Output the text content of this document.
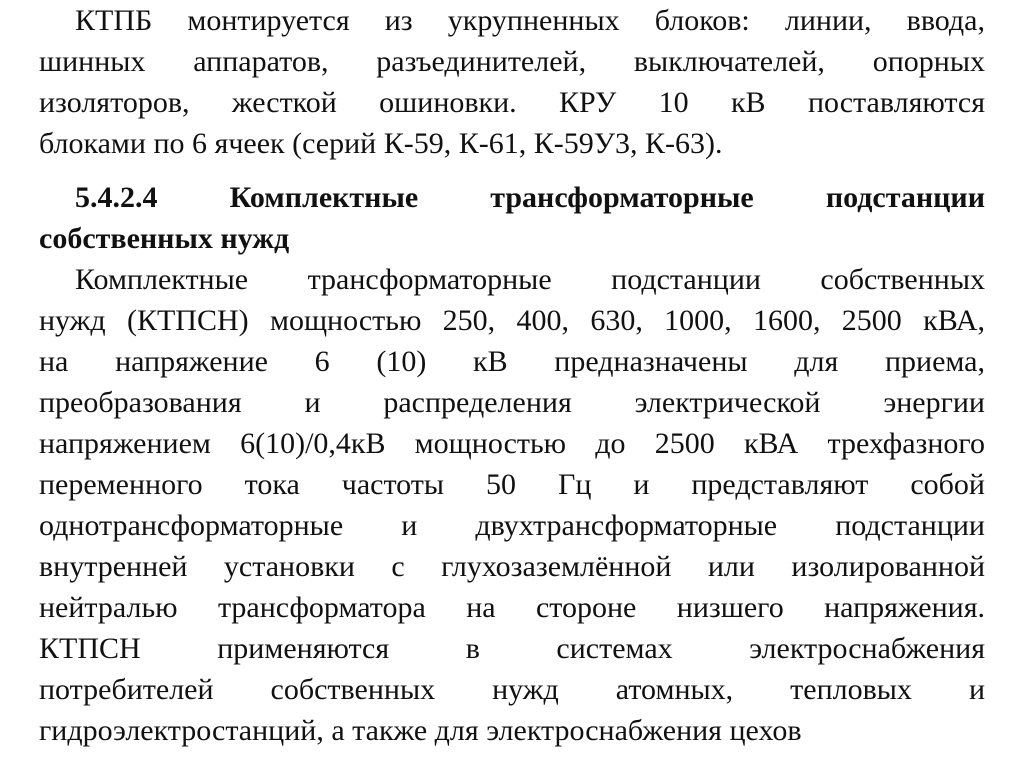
КТПБ монтируется из укрупненных блоков: линии, ввода,
шинных аппаратов, разъединителей, выключателей, опорных
изоляторов, жесткой ошиновки. КРУ 10 кВ поставляются
блоками по 6 ячеек (серий К-59, К-61, К-59У3, К-63).
5.4.2.4 Комплектные трансформаторные подстанции
собственных нужд
Комплектные трансформаторные подстанции собственных
нужд (КТПСН) мощностью 250, 400, 630, 1000, 1600, 2500 кВА,
на напряжение 6 (10) кВ предназначены для приема,
преобразования и распределения электрической энергии
напряжением 6(10)/0,4кВ мощностью до 2500 кВА трехфазного
переменного тока частоты 50 Гц и представляют собой
однотрансформаторные и двухтрансформаторные подстанции
внутренней установки с глухозаземлённой или изолированной
нейтралью трансформатора на стороне низшего напряжения.
КТПСН применяются в системах электроснабжения
потребителей собственных нужд атомных, тепловых и
гидроэлектростанций, а также для электроснабжения цехов
